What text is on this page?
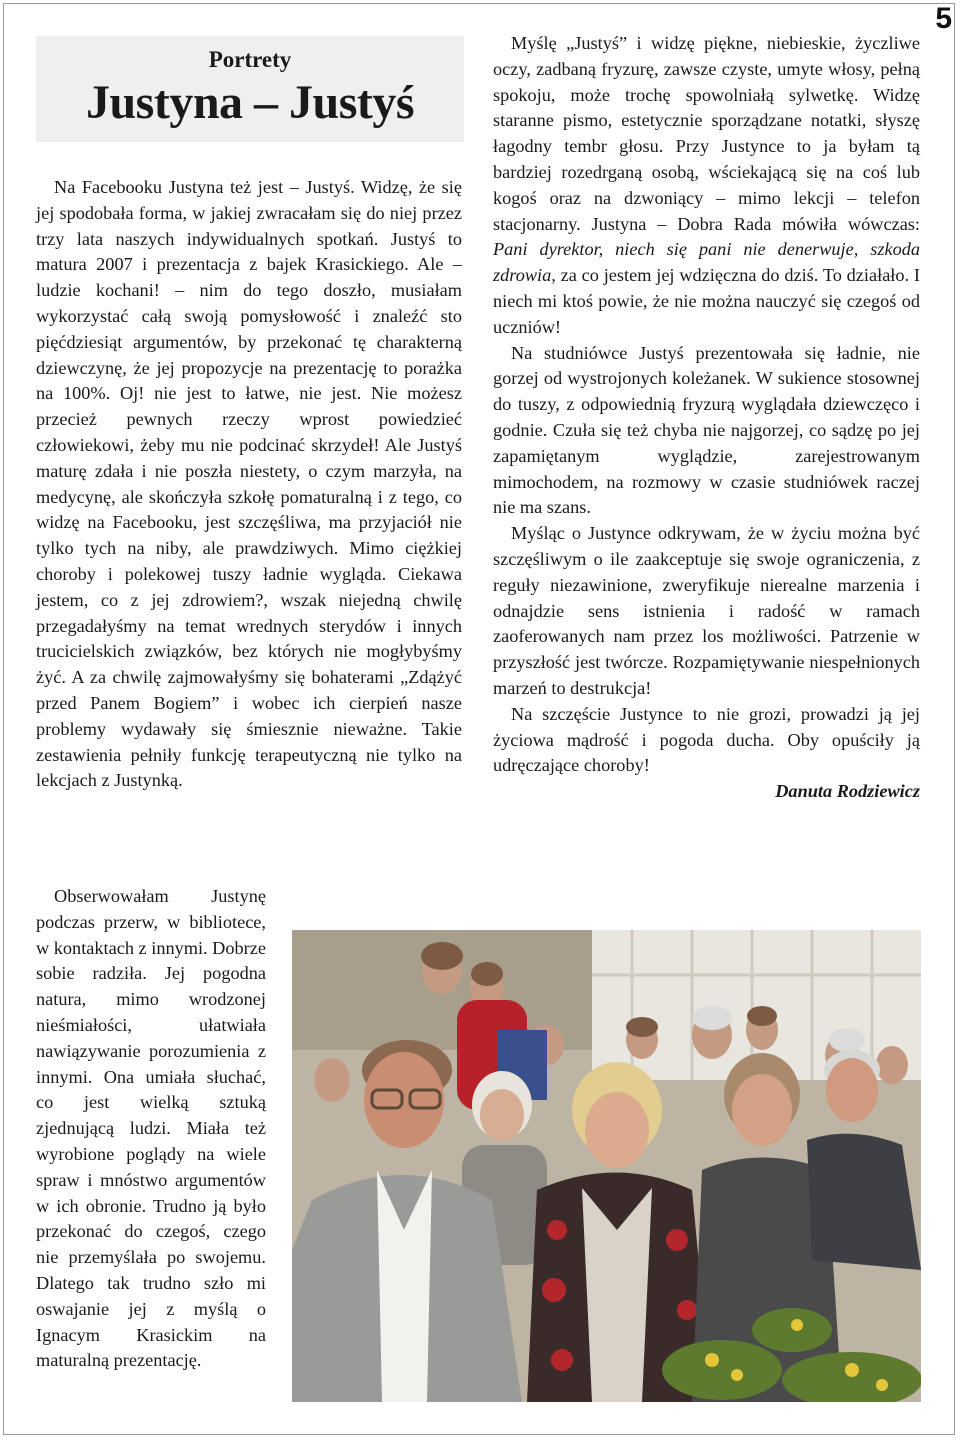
5
Portrety
Justyna – Justyś

Na Facebooku Justyna też jest – Justyś. Widzę, że się jej spodobała forma, w jakiej zwracałam się do niej przez trzy lata naszych indywidualnych spotkań. Justyś to matura 2007 i prezentacja z bajek Krasickiego. Ale – ludzie kochani! – nim do tego doszło, musiałam wykorzystać całą swoją pomysłowość i znaleźć sto pięćdziesiąt argumentów, by przekonać tę charakterną dziewczynę, że jej propozycje na prezentację to porażka na 100%. Oj! nie jest to łatwe, nie jest. Nie możesz przecież pewnych rzeczy wprost powiedzieć człowiekowi, żeby mu nie podcinać skrzydeł! Ale Justyś maturę zdała i nie poszła niestety, o czym marzyła, na medycynę, ale skończyła szkołę pomaturalną i z tego, co widzę na Facebooku, jest szczęśliwa, ma przyjaciół nie tylko tych na niby, ale prawdziwych. Mimo ciężkiej choroby i polekowej tuszy ładnie wygląda. Ciekawa jestem, co z jej zdrowiem?, wszak niejedną chwilę przegadałyśmy na temat wrednych sterydów i innych trucicielskich związków, bez których nie mogłybyśmy żyć. A za chwilę zajmowałyśmy się bohaterami „Zdążyć przed Panem Bogiem” i wobec ich cierpień nasze problemy wydawały się śmiesznie nieważne. Takie zestawienia pełniły funkcję terapeutyczną nie tylko na lekcjach z Justynką.

Obserwowałam Justynę podczas przerw, w bibliotece, w kontaktach z innymi. Dobrze sobie radziła. Jej pogodna natura, mimo wrodzonej nieśmiałości, ułatwiała nawiązywanie porozumienia z innymi. Ona umiała słuchać, co jest wielką sztuką zjednującą ludzi. Miała też wyrobione poglądy na wiele spraw i mnóstwo argumentów w ich obronie. Trudno ją było przekonać do czegoś, czego nie przemyślała po swojemu. Dlatego tak trudno szło mi oswajanie jej z myślą o Ignacym Krasickim na maturalną prezentację.

Myślę „Justyś” i widzę piękne, niebieskie, życzliwe oczy, zadbaną fryzurę, zawsze czyste, umyte włosy, pełną spokoju, może trochę spowolniałą sylwetkę. Widzę staranne pismo, estetycznie sporządzane notatki, słyszę łagodny tembr głosu. Przy Justynce to ja byłam tą bardziej rozedrganą osobą, wściekającą się na coś lub kogoś oraz na dzwoniący – mimo lekcji – telefon stacjonarny. Justyna – Dobra Rada mówiła wówczas: Pani dyrektor, niech się pani nie denerwuje, szkoda zdrowia, za co jestem jej wdzięczna do dziś. To działało. I niech mi ktoś powie, że nie można nauczyć się czegoś od uczniów!

Na studniówce Justyś prezentowała się ładnie, nie gorzej od wystrojonych koleżanek. W sukience stosownej do tuszy, z odpowiednią fryzurą wyglądała dziewczęco i godnie. Czuła się też chyba nie najgorzej, co sądzę po jej zapamiętanym wyglądzie, zarejestrowanym mimochodem, na rozmowy w czasie studniówek raczej nie ma szans.

Myśląc o Justynce odkrywam, że w życiu można być szczęśliwym o ile zaakceptuje się swoje ograniczenia, z reguły niezawinione, zweryfikuje nierealne marzenia i odnajdzie sens istnienia i radość w ramach zaoferowanych nam przez los możliwości. Patrzenie w przyszłość jest twórcze. Rozpamiętywanie niespełnionych marzeń to destrukcja!

Na szczęście Justynce to nie grozi, prowadzi ją jej życiowa mądrość i pogoda ducha. Oby opuściły ją udręczające choroby!

Danuta Rodziewicz
